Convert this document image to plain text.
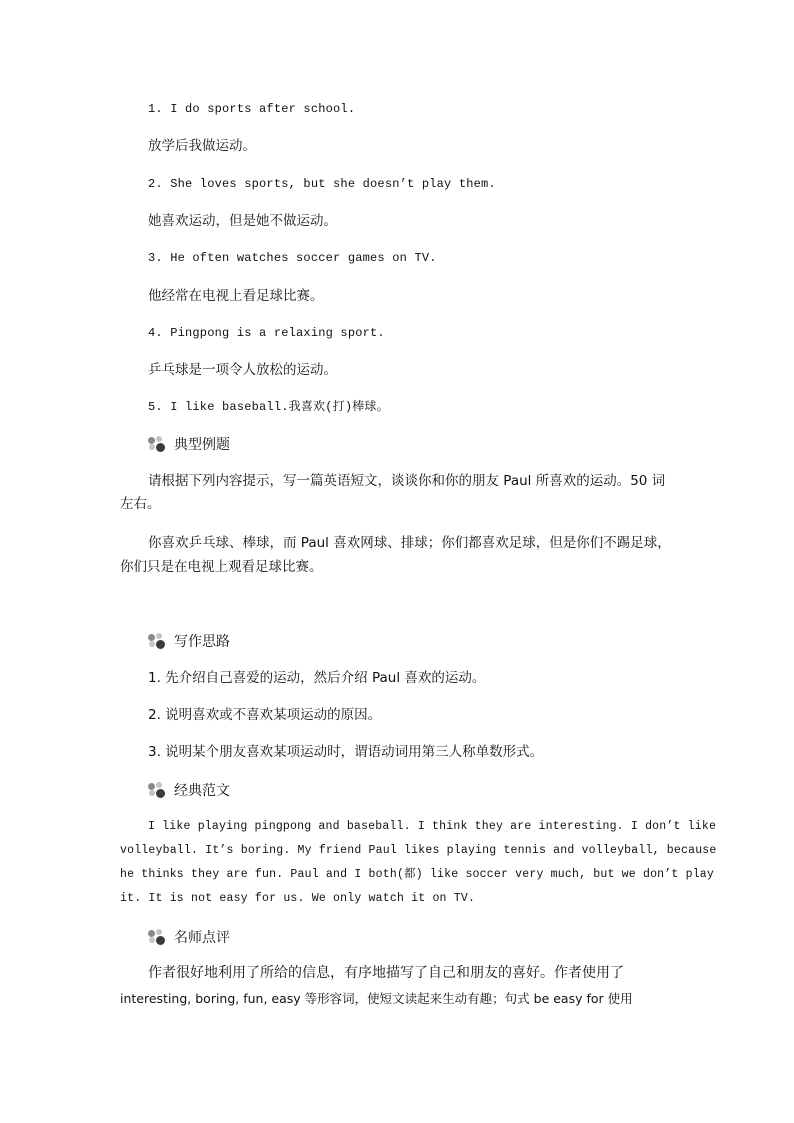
1. I do sports after school.
放学后我做运动。
2. She loves sports, but she doesn’t play them.
她喜欢运动，但是她不做运动。
3. He often watches soccer games on TV.
他经常在电视上看足球比赛。
4. Pingpong is a relaxing sport.
乒乓球是一项令人放松的运动。
5. I like baseball.我喜欢(打)棒球。
典型例题
请根据下列内容提示，写一篇英语短文，谈谈你和你的朋友 Paul 所喜欢的运动。50 词
左右。
你喜欢乒乓球、棒球，而 Paul 喜欢网球、排球；你们都喜欢足球，但是你们不踢足球，
你们只是在电视上观看足球比赛。
写作思路
1. 先介绍自己喜爱的运动，然后介绍 Paul 喜欢的运动。
2. 说明喜欢或不喜欢某项运动的原因。
3. 说明某个朋友喜欢某项运动时，谓语动词用第三人称单数形式。
经典范文
I like playing pingpong and baseball. I think they are interesting. I don’t like
volleyball. It’s boring. My friend Paul likes playing tennis and volleyball, because
he thinks they are fun. Paul and I both(都) like soccer very much, but we don’t play
it. It is not easy for us. We only watch it on TV.
名师点评
作者很好地利用了所给的信息，有序地描写了自己和朋友的喜好。作者使用了
interesting, boring, fun, easy 等形容词，使短文读起来生动有趣；句式 be easy for 使用
